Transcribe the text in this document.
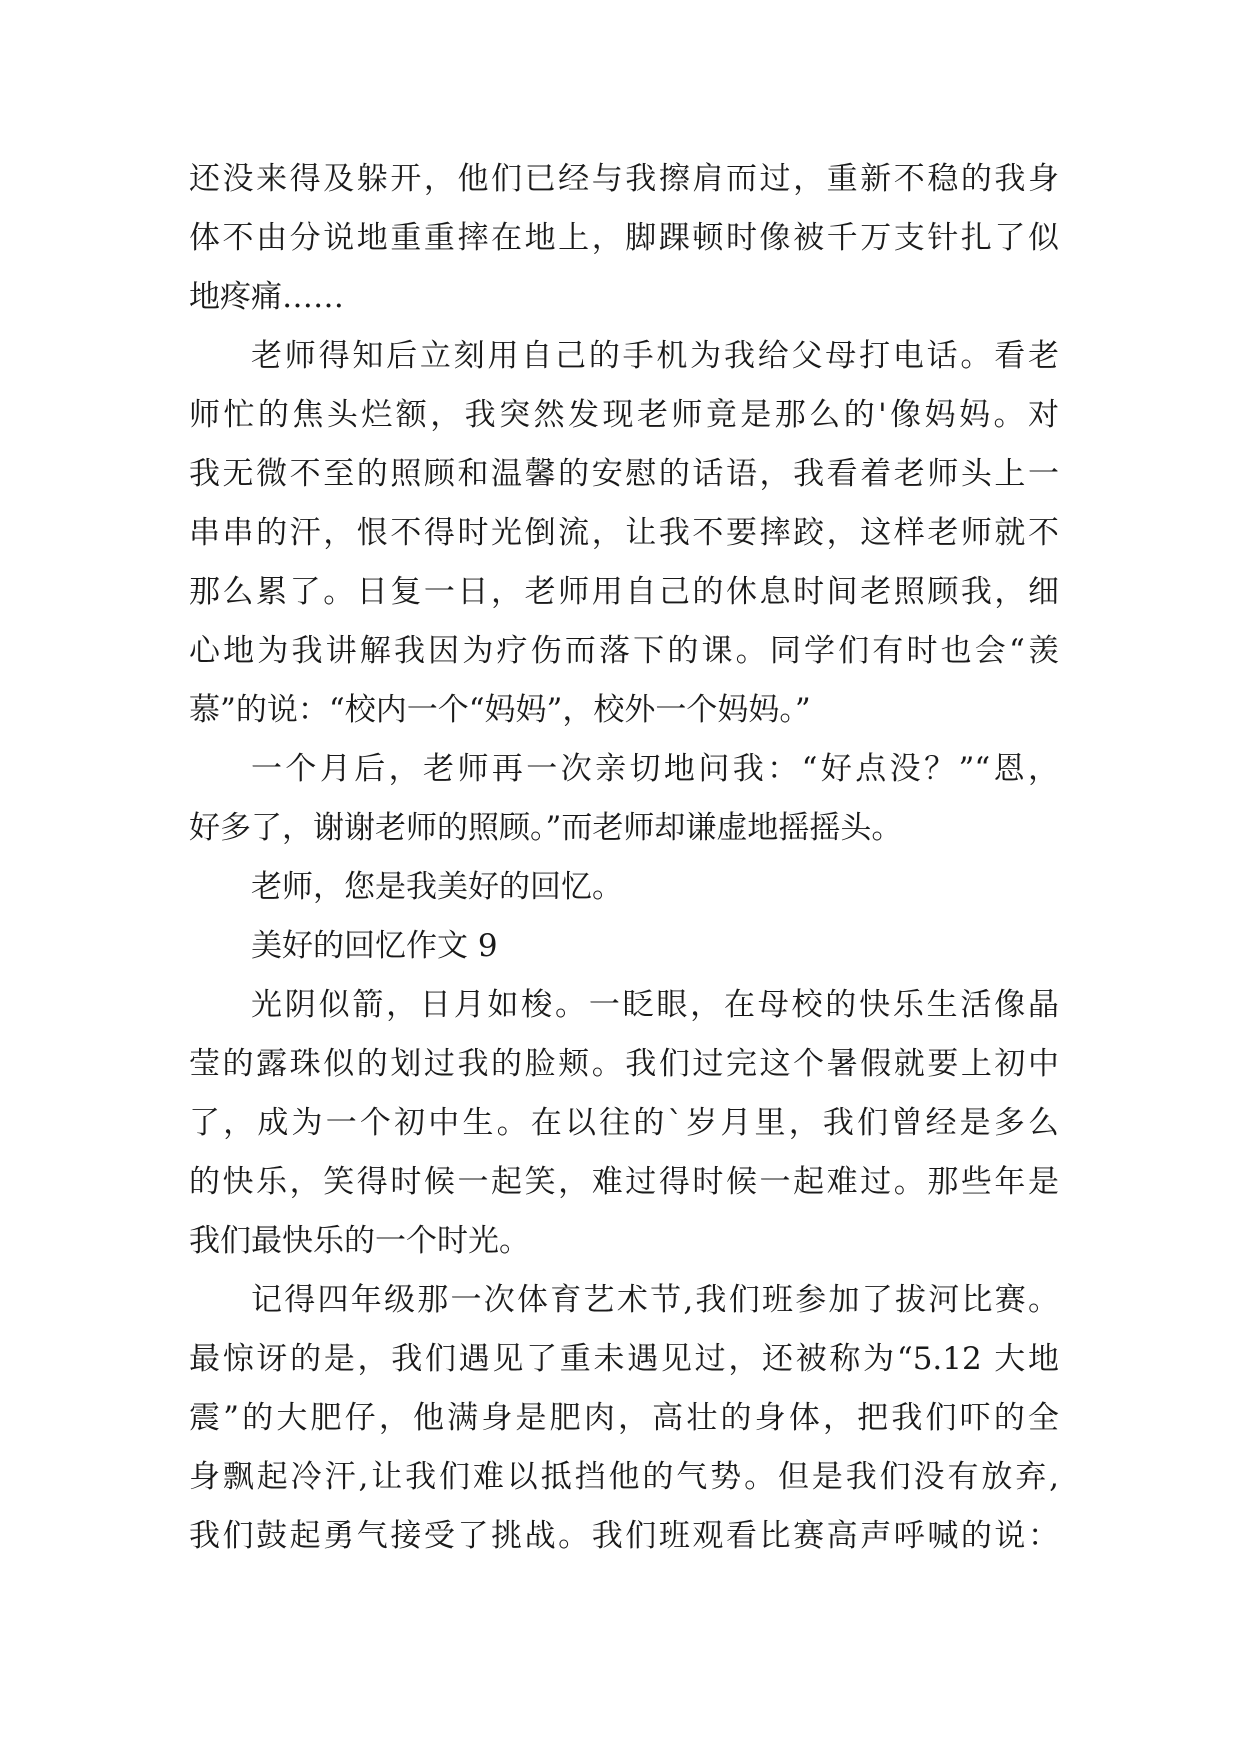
还没来得及躲开，他们已经与我擦肩而过，重新不稳的我身
体不由分说地重重摔在地上，脚踝顿时像被千万支针扎了似
地疼痛……
老师得知后立刻用自己的手机为我给父母打电话。看老
师忙的焦头烂额，我突然发现老师竟是那么的'像妈妈。对
我无微不至的照顾和温馨的安慰的话语，我看着老师头上一
串串的汗，恨不得时光倒流，让我不要摔跤，这样老师就不
那么累了。日复一日，老师用自己的休息时间老照顾我，细
心地为我讲解我因为疗伤而落下的课。同学们有时也会“羡
慕”的说：“校内一个“妈妈”，校外一个妈妈。”
一个月后，老师再一次亲切地问我：“好点没？”“恩，
好多了，谢谢老师的照顾。”而老师却谦虚地摇摇头。
老师，您是我美好的回忆。
美好的回忆作文 9
光阴似箭，日月如梭。一眨眼，在母校的快乐生活像晶
莹的露珠似的划过我的脸颊。我们过完这个暑假就要上初中
了，成为一个初中生。在以往的`岁月里，我们曾经是多么
的快乐，笑得时候一起笑，难过得时候一起难过。那些年是
我们最快乐的一个时光。
记得四年级那一次体育艺术节,我们班参加了拔河比赛。
最惊讶的是，我们遇见了重未遇见过，还被称为“5.12 大地
震”的大肥仔，他满身是肥肉，高壮的身体，把我们吓的全
身飘起冷汗,让我们难以抵挡他的气势。但是我们没有放弃,
我们鼓起勇气接受了挑战。我们班观看比赛高声呼喊的说：
